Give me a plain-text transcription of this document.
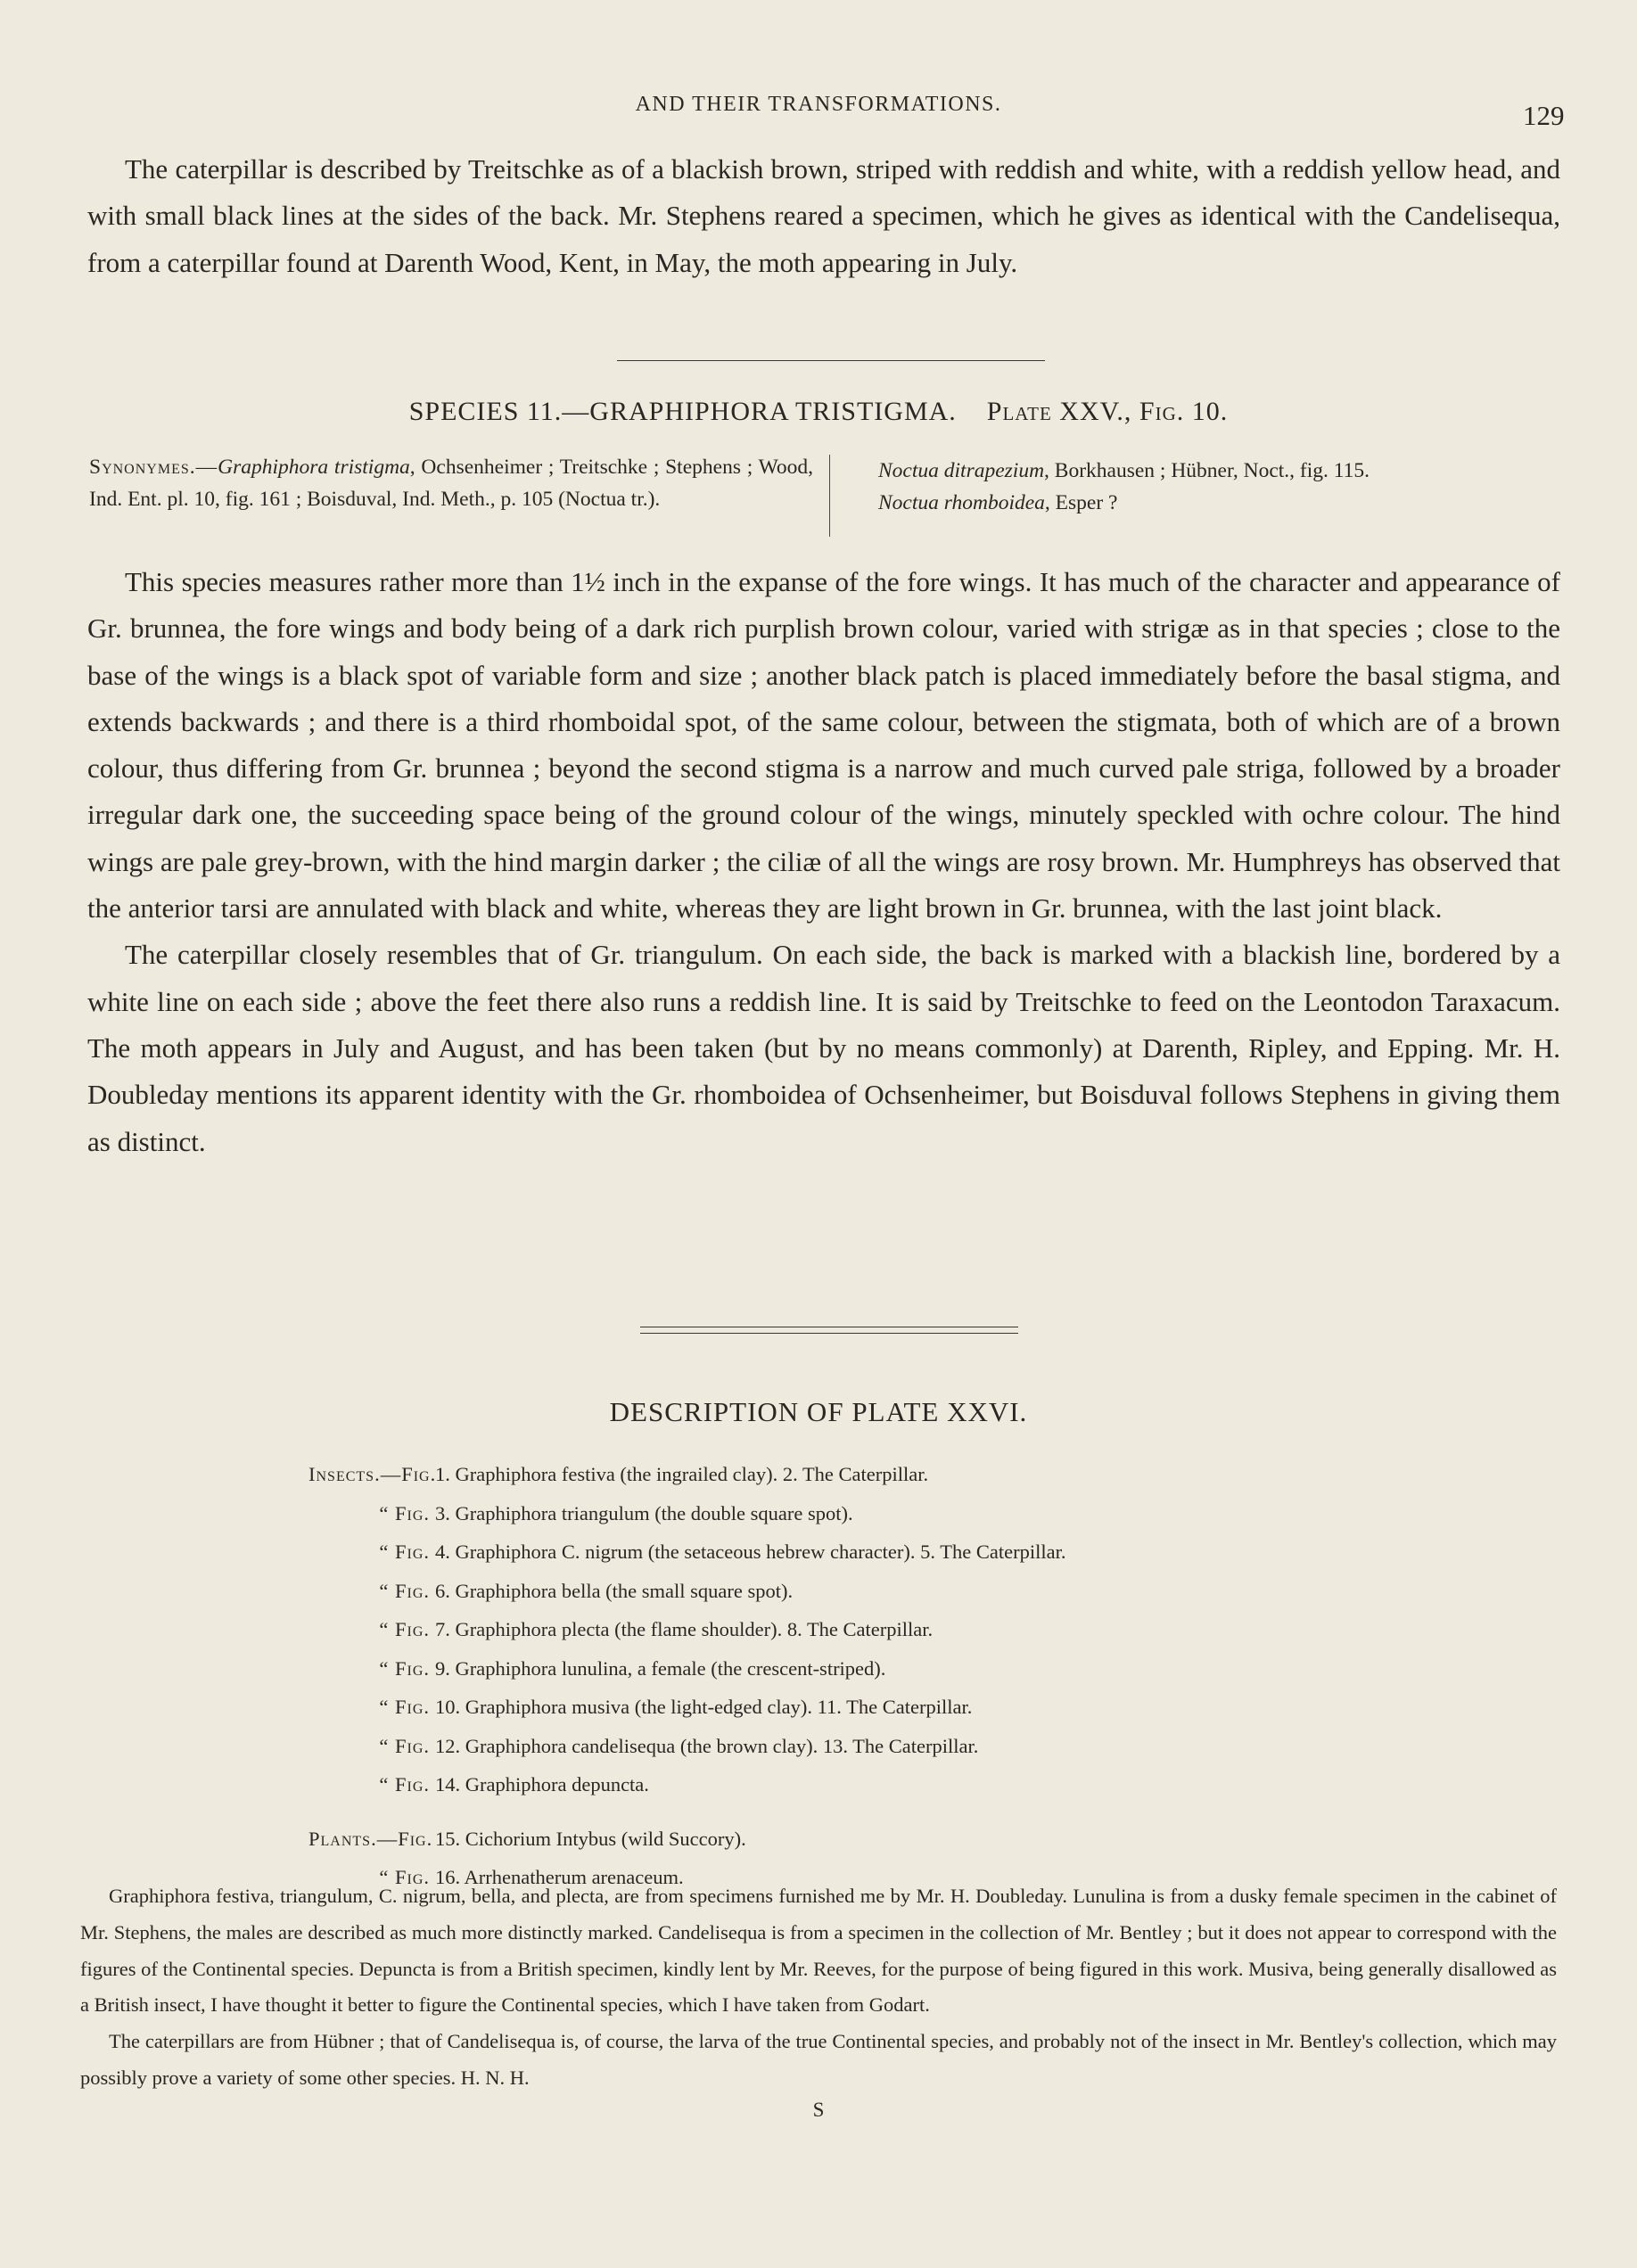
AND THEIR TRANSFORMATIONS.	129

The caterpillar is described by Treitschke as of a blackish brown, striped with reddish and white, with a reddish yellow head, and with small black lines at the sides of the back. Mr. Stephens reared a specimen, which he gives as identical with the Candelisequa, from a caterpillar found at Darenth Wood, Kent, in May, the moth appearing in July.

SPECIES 11.—GRAPHIPHORA TRISTIGMA. Plate XXV., Fig. 10.
Synonymes.—Graphiphora tristigma, Ochsenheimer ; Treitschke ; Stephens ; Wood, Ind. Ent. pl. 10, fig. 161 ; Boisduval, Ind. Meth., p. 105 (Noctua tr.).
Noctua ditrapezium, Borkhausen ; Hübner, Noct., fig. 115.
Noctua rhomboidea, Esper ?

This species measures rather more than 1½ inch in the expanse of the fore wings. It has much of the character and appearance of Gr. brunnea, the fore wings and body being of a dark rich purplish brown colour, varied with strigæ as in that species ; close to the base of the wings is a black spot of variable form and size ; another black patch is placed immediately before the basal stigma, and extends backwards ; and there is a third rhomboidal spot, of the same colour, between the stigmata, both of which are of a brown colour, thus differing from Gr. brunnea ; beyond the second stigma is a narrow and much curved pale striga, followed by a broader irregular dark one, the succeeding space being of the ground colour of the wings, minutely speckled with ochre colour. The hind wings are pale grey-brown, with the hind margin darker ; the ciliæ of all the wings are rosy brown. Mr. Humphreys has observed that the anterior tarsi are annulated with black and white, whereas they are light brown in Gr. brunnea, with the last joint black.

The caterpillar closely resembles that of Gr. triangulum. On each side, the back is marked with a blackish line, bordered by a white line on each side ; above the feet there also runs a reddish line. It is said by Treitschke to feed on the Leontodon Taraxacum. The moth appears in July and August, and has been taken (but by no means commonly) at Darenth, Ripley, and Epping. Mr. H. Doubleday mentions its apparent identity with the Gr. rhomboidea of Ochsenheimer, but Boisduval follows Stephens in giving them as distinct.

DESCRIPTION OF PLATE XXVI.
Insects.—Fig.1. Graphiphora festiva (the ingrailed clay). 2. The Caterpillar.
“ Fig. 3. Graphiphora triangulum (the double square spot).
“ Fig. 4. Graphiphora C. nigrum (the setaceous hebrew character). 5. The Caterpillar.
“ Fig. 6. Graphiphora bella (the small square spot).
“ Fig. 7. Graphiphora plecta (the flame shoulder). 8. The Caterpillar.
“ Fig. 9. Graphiphora lunulina, a female (the crescent-striped).
“ Fig. 10. Graphiphora musiva (the light-edged clay). 11. The Caterpillar.
“ Fig. 12. Graphiphora candelisequa (the brown clay). 13. The Caterpillar.
“ Fig. 14. Graphiphora depuncta.
Plants.—Fig. 15. Cichorium Intybus (wild Succory).
“ Fig. 16. Arrhenatherum arenaceum.

Graphiphora festiva, triangulum, C. nigrum, bella, and plecta, are from specimens furnished me by Mr. H. Doubleday. Lunulina is from a dusky female specimen in the cabinet of Mr. Stephens, the males are described as much more distinctly marked. Candelisequa is from a specimen in the collection of Mr. Bentley ; but it does not appear to correspond with the figures of the Continental species. Depuncta is from a British specimen, kindly lent by Mr. Reeves, for the purpose of being figured in this work. Musiva, being generally disallowed as a British insect, I have thought it better to figure the Continental species, which I have taken from Godart.

The caterpillars are from Hübner ; that of Candelisequa is, of course, the larva of the true Continental species, and probably not of the insect in Mr. Bentley's collection, which may possibly prove a variety of some other species. H. N. H.

S
